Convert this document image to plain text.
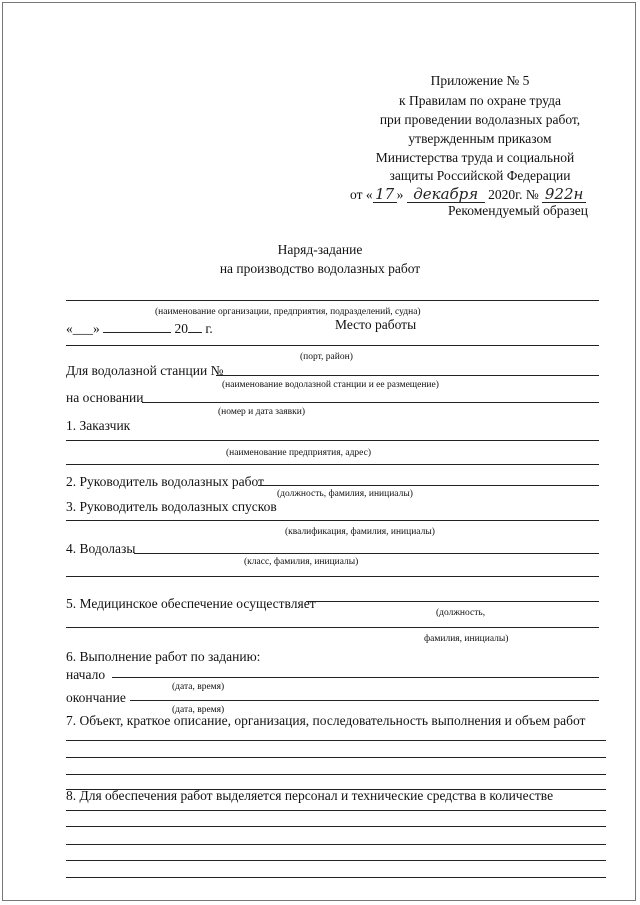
Приложение № 5
к Правилам по охране труда
при проведении водолазных работ,
утвержденным приказом
Министерства труда и социальной
защиты Российской Федерации
от « 17 » декабря 2020г. № 922н
Рекомендуемый образец
Наряд-задание
на производство водолазных работ
(наименование организации, предприятия, подразделений, судна)
«___»	20 г.	Место работы
(порт, район)
Для водолазной станции №
(наименование водолазной станции и ее размещение)
на основании
(номер и дата заявки)
1. Заказчик
(наименование предприятия, адрес)
2. Руководитель водолазных работ
(должность, фамилия, инициалы)
3. Руководитель водолазных спусков
(квалификация, фамилия, инициалы)
4. Водолазы
(класс, фамилия, инициалы)
5. Медицинское обеспечение осуществляет
(должность,
фамилия, инициалы)
6. Выполнение работ по заданию:
начало
(дата, время)
окончание
(дата, время)
7. Объект, краткое описание, организация, последовательность выполнения и объем работ
8. Для обеспечения работ выделяется персонал и технические средства в количестве
